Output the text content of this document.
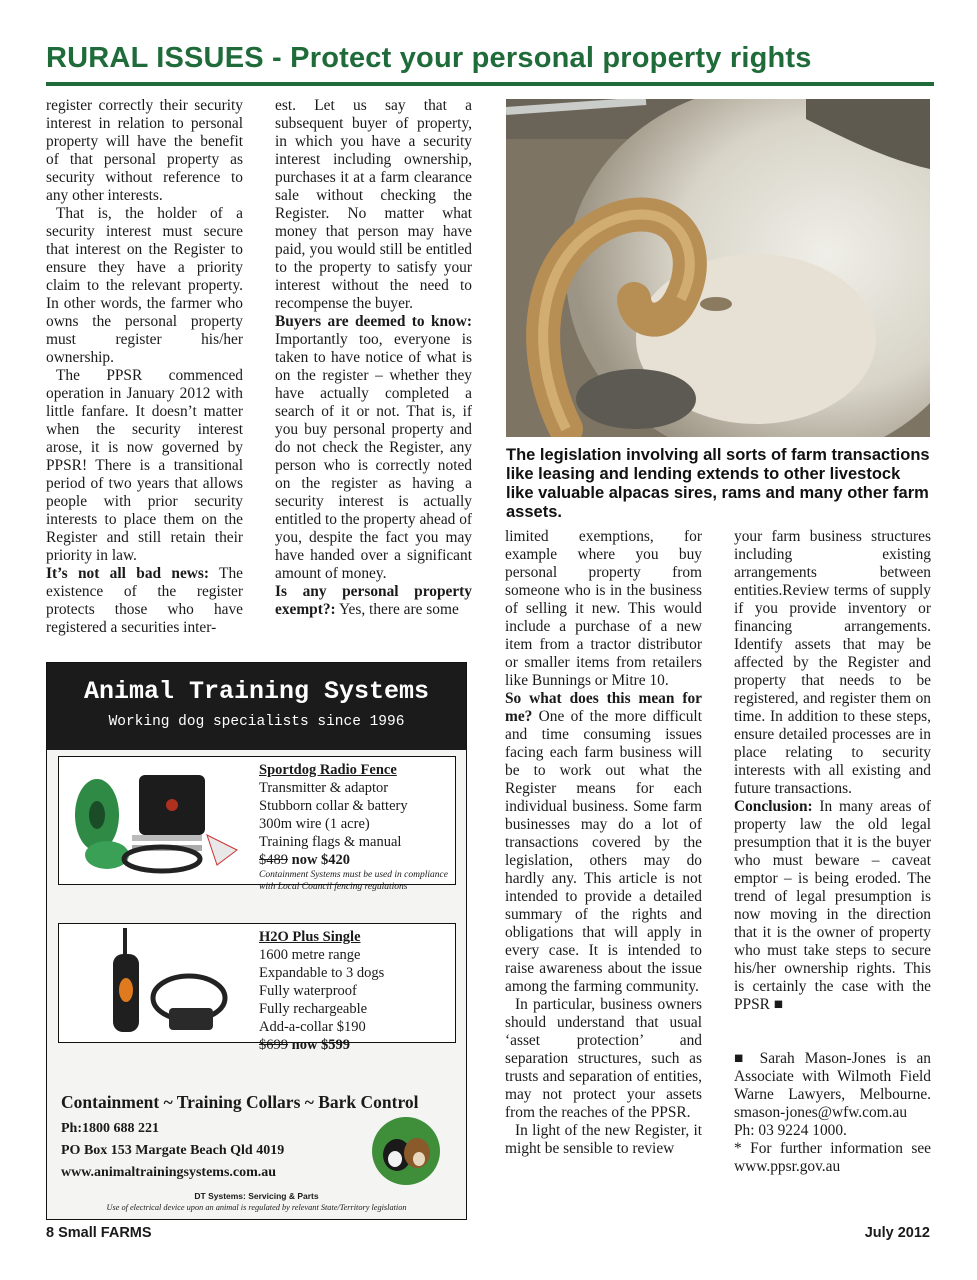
RURAL ISSUES - Protect your personal property rights

register correctly their security interest in relation to personal property will have the benefit of that personal property as security without reference to any other interests.

That is, the holder of a security interest must secure that interest on the Register to ensure they have a priority claim to the relevant property. In other words, the farmer who owns the personal property must register his/her ownership.

The PPSR commenced operation in January 2012 with little fanfare. It doesn’t matter when the security interest arose, it is now governed by PPSR! There is a transitional period of two years that allows people with prior security interests to place them on the Register and still retain their priority in law.

It’s not all bad news: The existence of the register protects those who have registered a securities inter-

est. Let us say that a subsequent buyer of property, in which you have a security interest including ownership, purchases it at a farm clearance sale without checking the Register. No matter what money that person may have paid, you would still be entitled to the property to satisfy your interest without the need to recompense the buyer.

Buyers are deemed to know: Importantly too, everyone is taken to have notice of what is on the register – whether they have actually completed a search of it or not. That is, if you buy personal property and do not check the Register, any person who is correctly noted on the register as having a security interest is actually entitled to the property ahead of you, despite the fact you may have handed over a significant amount of money.

Is any personal property exempt?: Yes, there are some

The legislation involving all sorts of farm transactions like leasing and lending extends to other livestock like valuable alpacas sires, rams and many other farm assets.
Animal Training Systems
Working dog specialists since 1996
Sportdog Radio Fence
Transmitter & adaptor
Stubborn collar & battery
300m wire (1 acre)
Training flags & manual
$489 now $420
Containment Systems must be used in compliance with Local Council fencing regulations
H2O Plus Single
1600 metre range
Expandable to 3 dogs
Fully waterproof
Fully rechargeable
Add-a-collar $190
$699 now $599
Containment ~ Training Collars ~ Bark Control
Ph:1800 688 221
PO Box 153 Margate Beach Qld 4019
www.animaltrainingsystems.com.au
DT Systems: Servicing & Parts
Use of electrical device upon an animal is regulated by relevant State/Territory legislation

limited exemptions, for example where you buy personal property from someone who is in the business of selling it new. This would include a purchase of a new item from a tractor distributor or smaller items from retailers like Bunnings or Mitre 10.

So what does this mean for me? One of the more difficult and time consuming issues facing each farm business will be to work out what the Register means for each individual business. Some farm businesses may do a lot of transactions covered by the legislation, others may do hardly any. This article is not intended to provide a detailed summary of the rights and obligations that will apply in every case. It is intended to raise awareness about the issue among the farming community.

In particular, business owners should understand that usual ‘asset protection’ and separation structures, such as trusts and separation of entities, may not protect your assets from the reaches of the PPSR.

In light of the new Register, it might be sensible to review

your farm business structures including existing arrangements between entities.Review terms of supply if you provide inventory or financing arrangements. Identify assets that may be affected by the Register and property that needs to be registered, and register them on time. In addition to these steps, ensure detailed processes are in place relating to security interests with all existing and future transactions.

Conclusion: In many areas of property law the old legal presumption that it is the buyer who must beware – caveat emptor – is being eroded. The trend of legal presumption is now moving in the direction that it is the owner of property who must take steps to secure his/her ownership rights. This is certainly the case with the PPSR ■

■ Sarah Mason-Jones is an Associate with Wilmoth Field Warne Lawyers, Melbourne. smason-jones@wfw.com.au Ph: 03 9224 1000.

* For further information see www.ppsr.gov.au

8 Small FARMS	July 2012
